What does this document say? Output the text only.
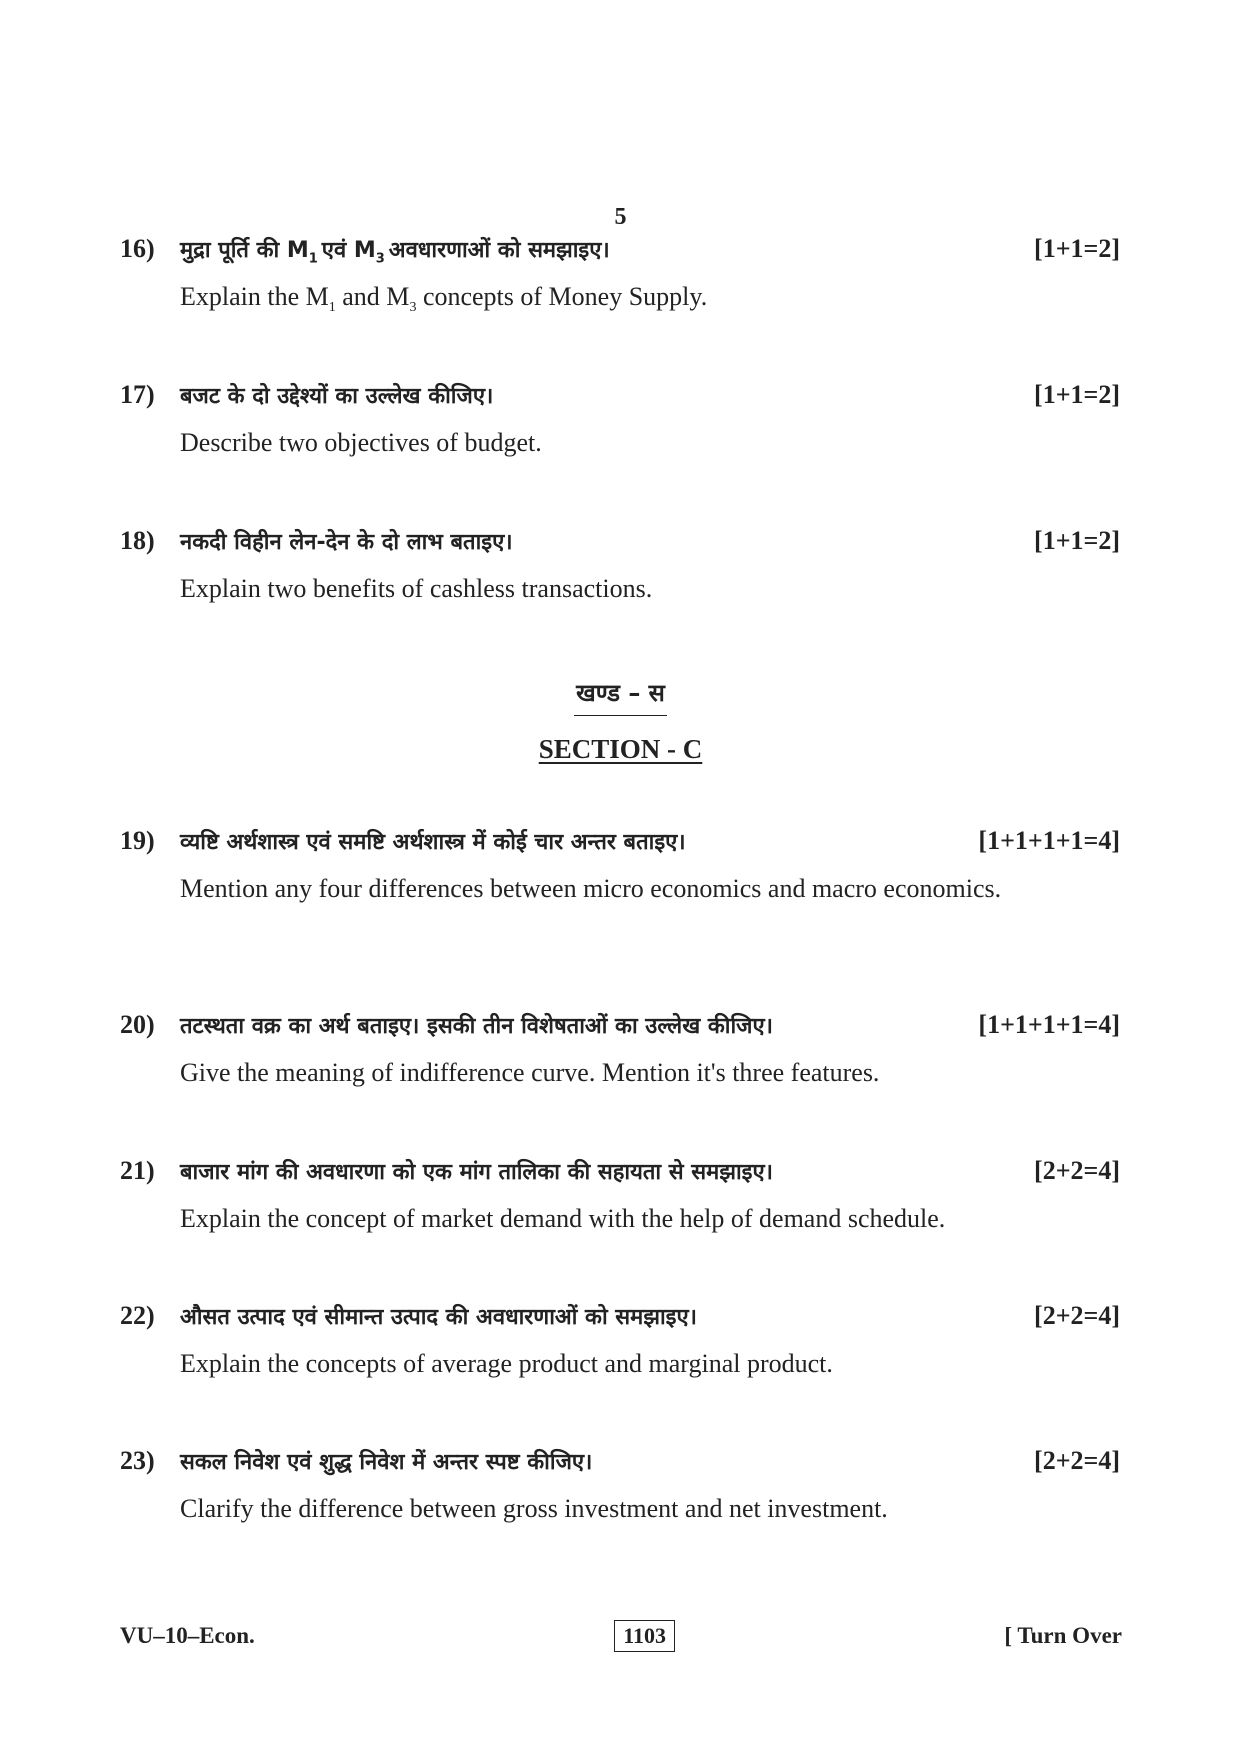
5
16)	मुद्रा पूर्ति की $M_1$ एवं $M_3$ अवधारणाओं को समझाइए।	[1+1=2]
Explain the $M_1$ and $M_3$ concepts of Money Supply.
17)	बजट के दो उद्देश्यों का उल्लेख कीजिए।	[1+1=2]
Describe two objectives of budget.
18)	नकदी विहीन लेन-देन के दो लाभ बताइए।	[1+1=2]
Explain two benefits of cashless transactions.
खण्ड – स
SECTION - C
19)	व्यष्टि अर्थशास्त्र एवं समष्टि अर्थशास्त्र में कोई चार अन्तर बताइए।	[1+1+1+1=4]
Mention any four differences between micro economics and macro economics.
20)	तटस्थता वक्र का अर्थ बताइए। इसकी तीन विशेषताओं का उल्लेख कीजिए।	[1+1+1+1=4]
Give the meaning of indifference curve. Mention it's three features.
21)	बाजार मांग की अवधारणा को एक मांग तालिका की सहायता से समझाइए।	[2+2=4]
Explain the concept of market demand with the help of demand schedule.
22)	औसत उत्पाद एवं सीमान्त उत्पाद की अवधारणाओं को समझाइए।	[2+2=4]
Explain the concepts of average product and marginal product.
23)	सकल निवेश एवं शुद्ध निवेश में अन्तर स्पष्ट कीजिए।	[2+2=4]
Clarify the difference between gross investment and net investment.
VU–10–Econ.	1103	[ Turn Over
